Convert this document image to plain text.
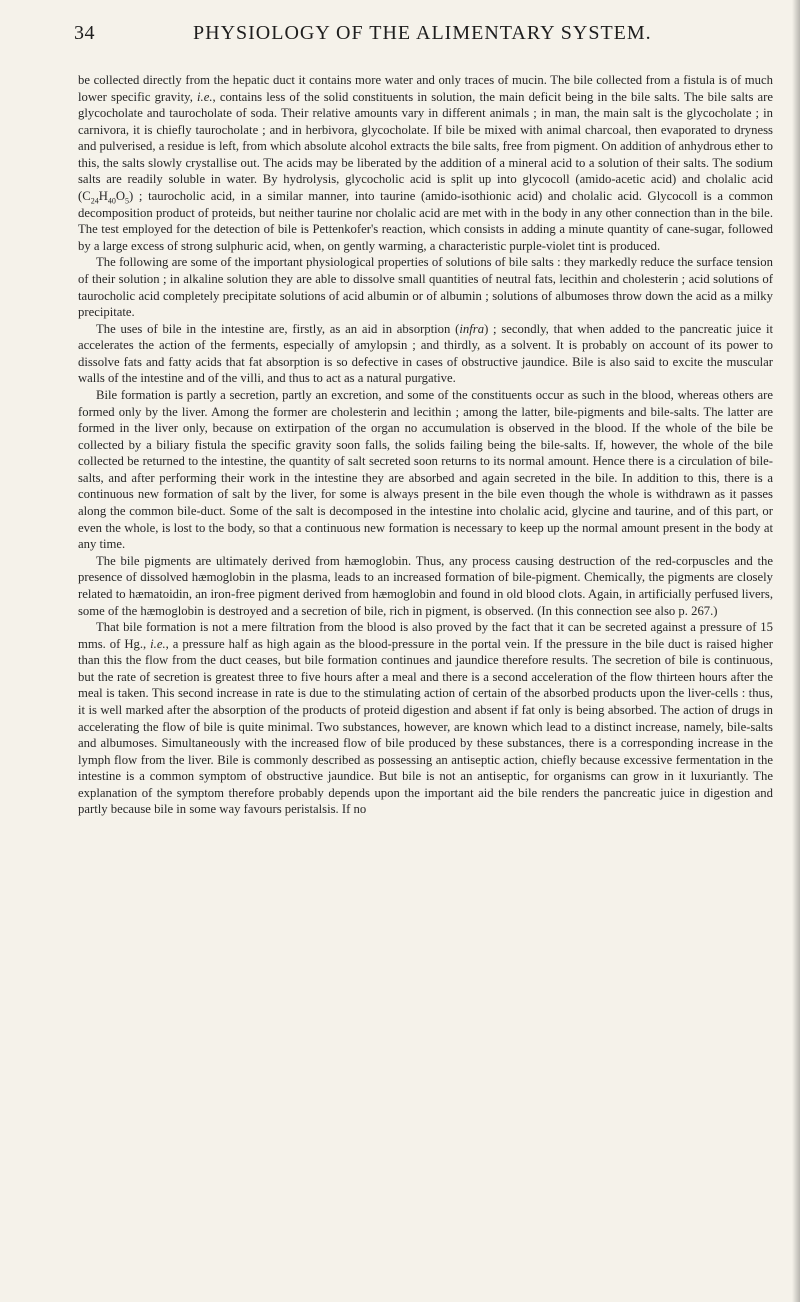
34	PHYSIOLOGY OF THE ALIMENTARY SYSTEM.

be collected directly from the hepatic duct it contains more water and only traces of mucin. The bile collected from a fistula is of much lower specific gravity, i.e., contains less of the solid constituents in solution, the main deficit being in the bile salts. The bile salts are glycocholate and taurocholate of soda. Their relative amounts vary in different animals ; in man, the main salt is the glycocholate ; in carnivora, it is chiefly taurocholate ; and in herbivora, glycocholate. If bile be mixed with animal charcoal, then evaporated to dryness and pulverised, a residue is left, from which absolute alcohol extracts the bile salts, free from pigment. On addition of anhydrous ether to this, the salts slowly crystallise out. The acids may be liberated by the addition of a mineral acid to a solution of their salts. The sodium salts are readily soluble in water. By hydrolysis, glycocholic acid is split up into glycocoll (amido-acetic acid) and cholalic acid $(C_{24}H_{40}O_5)$ ; taurocholic acid, in a similar manner, into taurine (amido-isothionic acid) and cholalic acid. Glycocoll is a common decomposition product of proteids, but neither taurine nor cholalic acid are met with in the body in any other connection than in the bile. The test employed for the detection of bile is Pettenkofer's reaction, which consists in adding a minute quantity of cane-sugar, followed by a large excess of strong sulphuric acid, when, on gently warming, a characteristic purple-violet tint is produced.

The following are some of the important physiological properties of solutions of bile salts : they markedly reduce the surface tension of their solution ; in alkaline solution they are able to dissolve small quantities of neutral fats, lecithin and cholesterin ; acid solutions of taurocholic acid completely precipitate solutions of acid albumin or of albumin ; solutions of albumoses throw down the acid as a milky precipitate.

The uses of bile in the intestine are, firstly, as an aid in absorption (infra) ; secondly, that when added to the pancreatic juice it accelerates the action of the ferments, especially of amylopsin ; and thirdly, as a solvent. It is probably on account of its power to dissolve fats and fatty acids that fat absorption is so defective in cases of obstructive jaundice. Bile is also said to excite the muscular walls of the intestine and of the villi, and thus to act as a natural purgative.

Bile formation is partly a secretion, partly an excretion, and some of the constituents occur as such in the blood, whereas others are formed only by the liver. Among the former are cholesterin and lecithin ; among the latter, bile-pigments and bile-salts. The latter are formed in the liver only, because on extirpation of the organ no accumulation is observed in the blood. If the whole of the bile be collected by a biliary fistula the specific gravity soon falls, the solids failing being the bile-salts. If, however, the whole of the bile collected be returned to the intestine, the quantity of salt secreted soon returns to its normal amount. Hence there is a circulation of bile-salts, and after performing their work in the intestine they are absorbed and again secreted in the bile. In addition to this, there is a continuous new formation of salt by the liver, for some is always present in the bile even though the whole is withdrawn as it passes along the common bile-duct. Some of the salt is decomposed in the intestine into cholalic acid, glycine and taurine, and of this part, or even the whole, is lost to the body, so that a continuous new formation is necessary to keep up the normal amount present in the body at any time.

The bile pigments are ultimately derived from hæmoglobin. Thus, any process causing destruction of the red-corpuscles and the presence of dissolved hæmoglobin in the plasma, leads to an increased formation of bile-pigment. Chemically, the pigments are closely related to hæmatoidin, an iron-free pigment derived from hæmoglobin and found in old blood clots. Again, in artificially perfused livers, some of the hæmoglobin is destroyed and a secretion of bile, rich in pigment, is observed. (In this connection see also p. 267.)

That bile formation is not a mere filtration from the blood is also proved by the fact that it can be secreted against a pressure of 15 mms. of Hg., i.e., a pressure half as high again as the blood-pressure in the portal vein. If the pressure in the bile duct is raised higher than this the flow from the duct ceases, but bile formation continues and jaundice therefore results. The secretion of bile is continuous, but the rate of secretion is greatest three to five hours after a meal and there is a second acceleration of the flow thirteen hours after the meal is taken. This second increase in rate is due to the stimulating action of certain of the absorbed products upon the liver-cells : thus, it is well marked after the absorption of the products of proteid digestion and absent if fat only is being absorbed. The action of drugs in accelerating the flow of bile is quite minimal. Two substances, however, are known which lead to a distinct increase, namely, bile-salts and albumoses. Simultaneously with the increased flow of bile produced by these substances, there is a corresponding increase in the lymph flow from the liver. Bile is commonly described as possessing an antiseptic action, chiefly because excessive fermentation in the intestine is a common symptom of obstructive jaundice. But bile is not an antiseptic, for organisms can grow in it luxuriantly. The explanation of the symptom therefore probably depends upon the important aid the bile renders the pancreatic juice in digestion and partly because bile in some way favours peristalsis. If no
